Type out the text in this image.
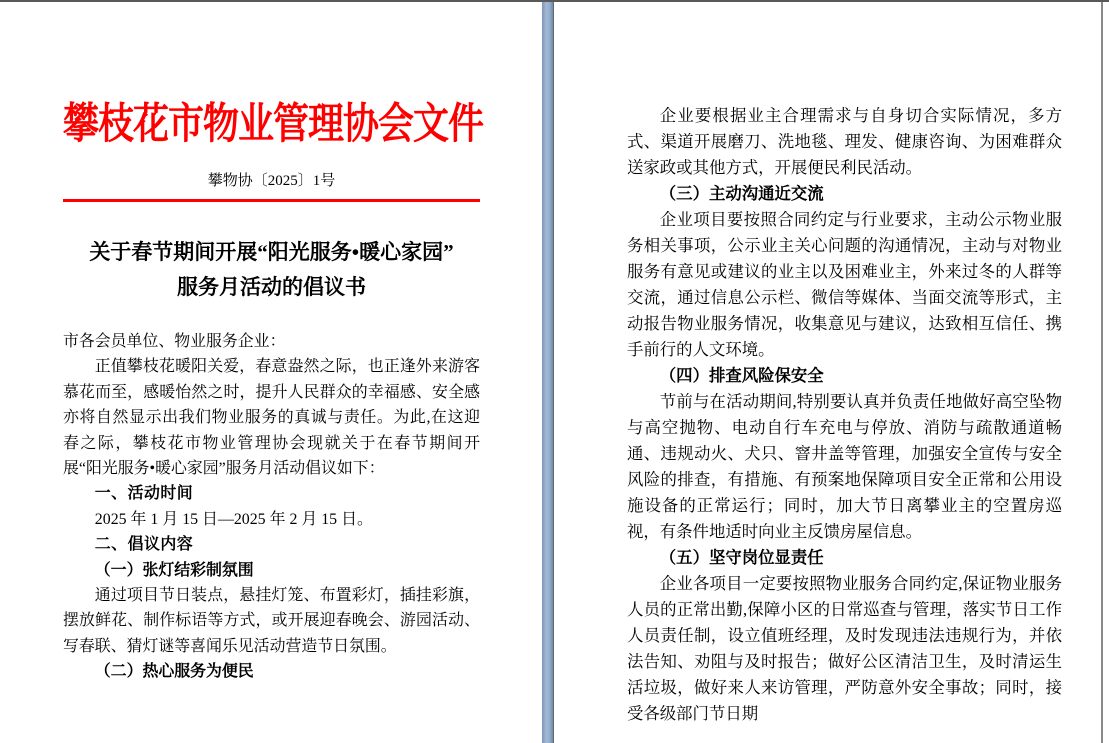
攀枝花市物业管理协会文件
攀物协〔2025〕1号
关于春节期间开展“阳光服务•暖心家园”
服务月活动的倡议书

市各会员单位、物业服务企业：

正值攀枝花暖阳关爱，春意盎然之际，也正逢外来游客慕花而至，感暖怡然之时，提升人民群众的幸福感、安全感亦将自然显示出我们物业服务的真诚与责任。为此,在这迎春之际，攀枝花市物业管理协会现就关于在春节期间开展“阳光服务•暖心家园”服务月活动倡议如下：

一、活动时间

2025 年 1 月 15 日—2025 年 2 月 15 日。

二、倡议内容

（一）张灯结彩制氛围

通过项目节日装点，悬挂灯笼、布置彩灯，插挂彩旗，摆放鲜花、制作标语等方式，或开展迎春晚会、游园活动、写春联、猜灯谜等喜闻乐见活动营造节日氛围。

（二）热心服务为便民

企业要根据业主合理需求与自身切合实际情况，多方式、渠道开展磨刀、洗地毯、理发、健康咨询、为困难群众送家政或其他方式，开展便民利民活动。

（三）主动沟通近交流

企业项目要按照合同约定与行业要求，主动公示物业服务相关事项，公示业主关心问题的沟通情况，主动与对物业服务有意见或建议的业主以及困难业主，外来过冬的人群等交流，通过信息公示栏、微信等媒体、当面交流等形式，主动报告物业服务情况，收集意见与建议，达致相互信任、携手前行的人文环境。

（四）排查风险保安全

节前与在活动期间,特别要认真并负责任地做好高空坠物与高空抛物、电动自行车充电与停放、消防与疏散通道畅通、违规动火、犬只、窨井盖等管理，加强安全宣传与安全风险的排查，有措施、有预案地保障项目安全正常和公用设施设备的正常运行；同时，加大节日离攀业主的空置房巡视，有条件地适时向业主反馈房屋信息。

（五）坚守岗位显责任

企业各项目一定要按照物业服务合同约定,保证物业服务人员的正常出勤,保障小区的日常巡查与管理，落实节日工作人员责任制，设立值班经理，及时发现违法违规行为，并依法告知、劝阻与及时报告；做好公区清洁卫生，及时清运生活垃圾，做好来人来访管理，严防意外安全事故；同时，接受各级部门节日期
